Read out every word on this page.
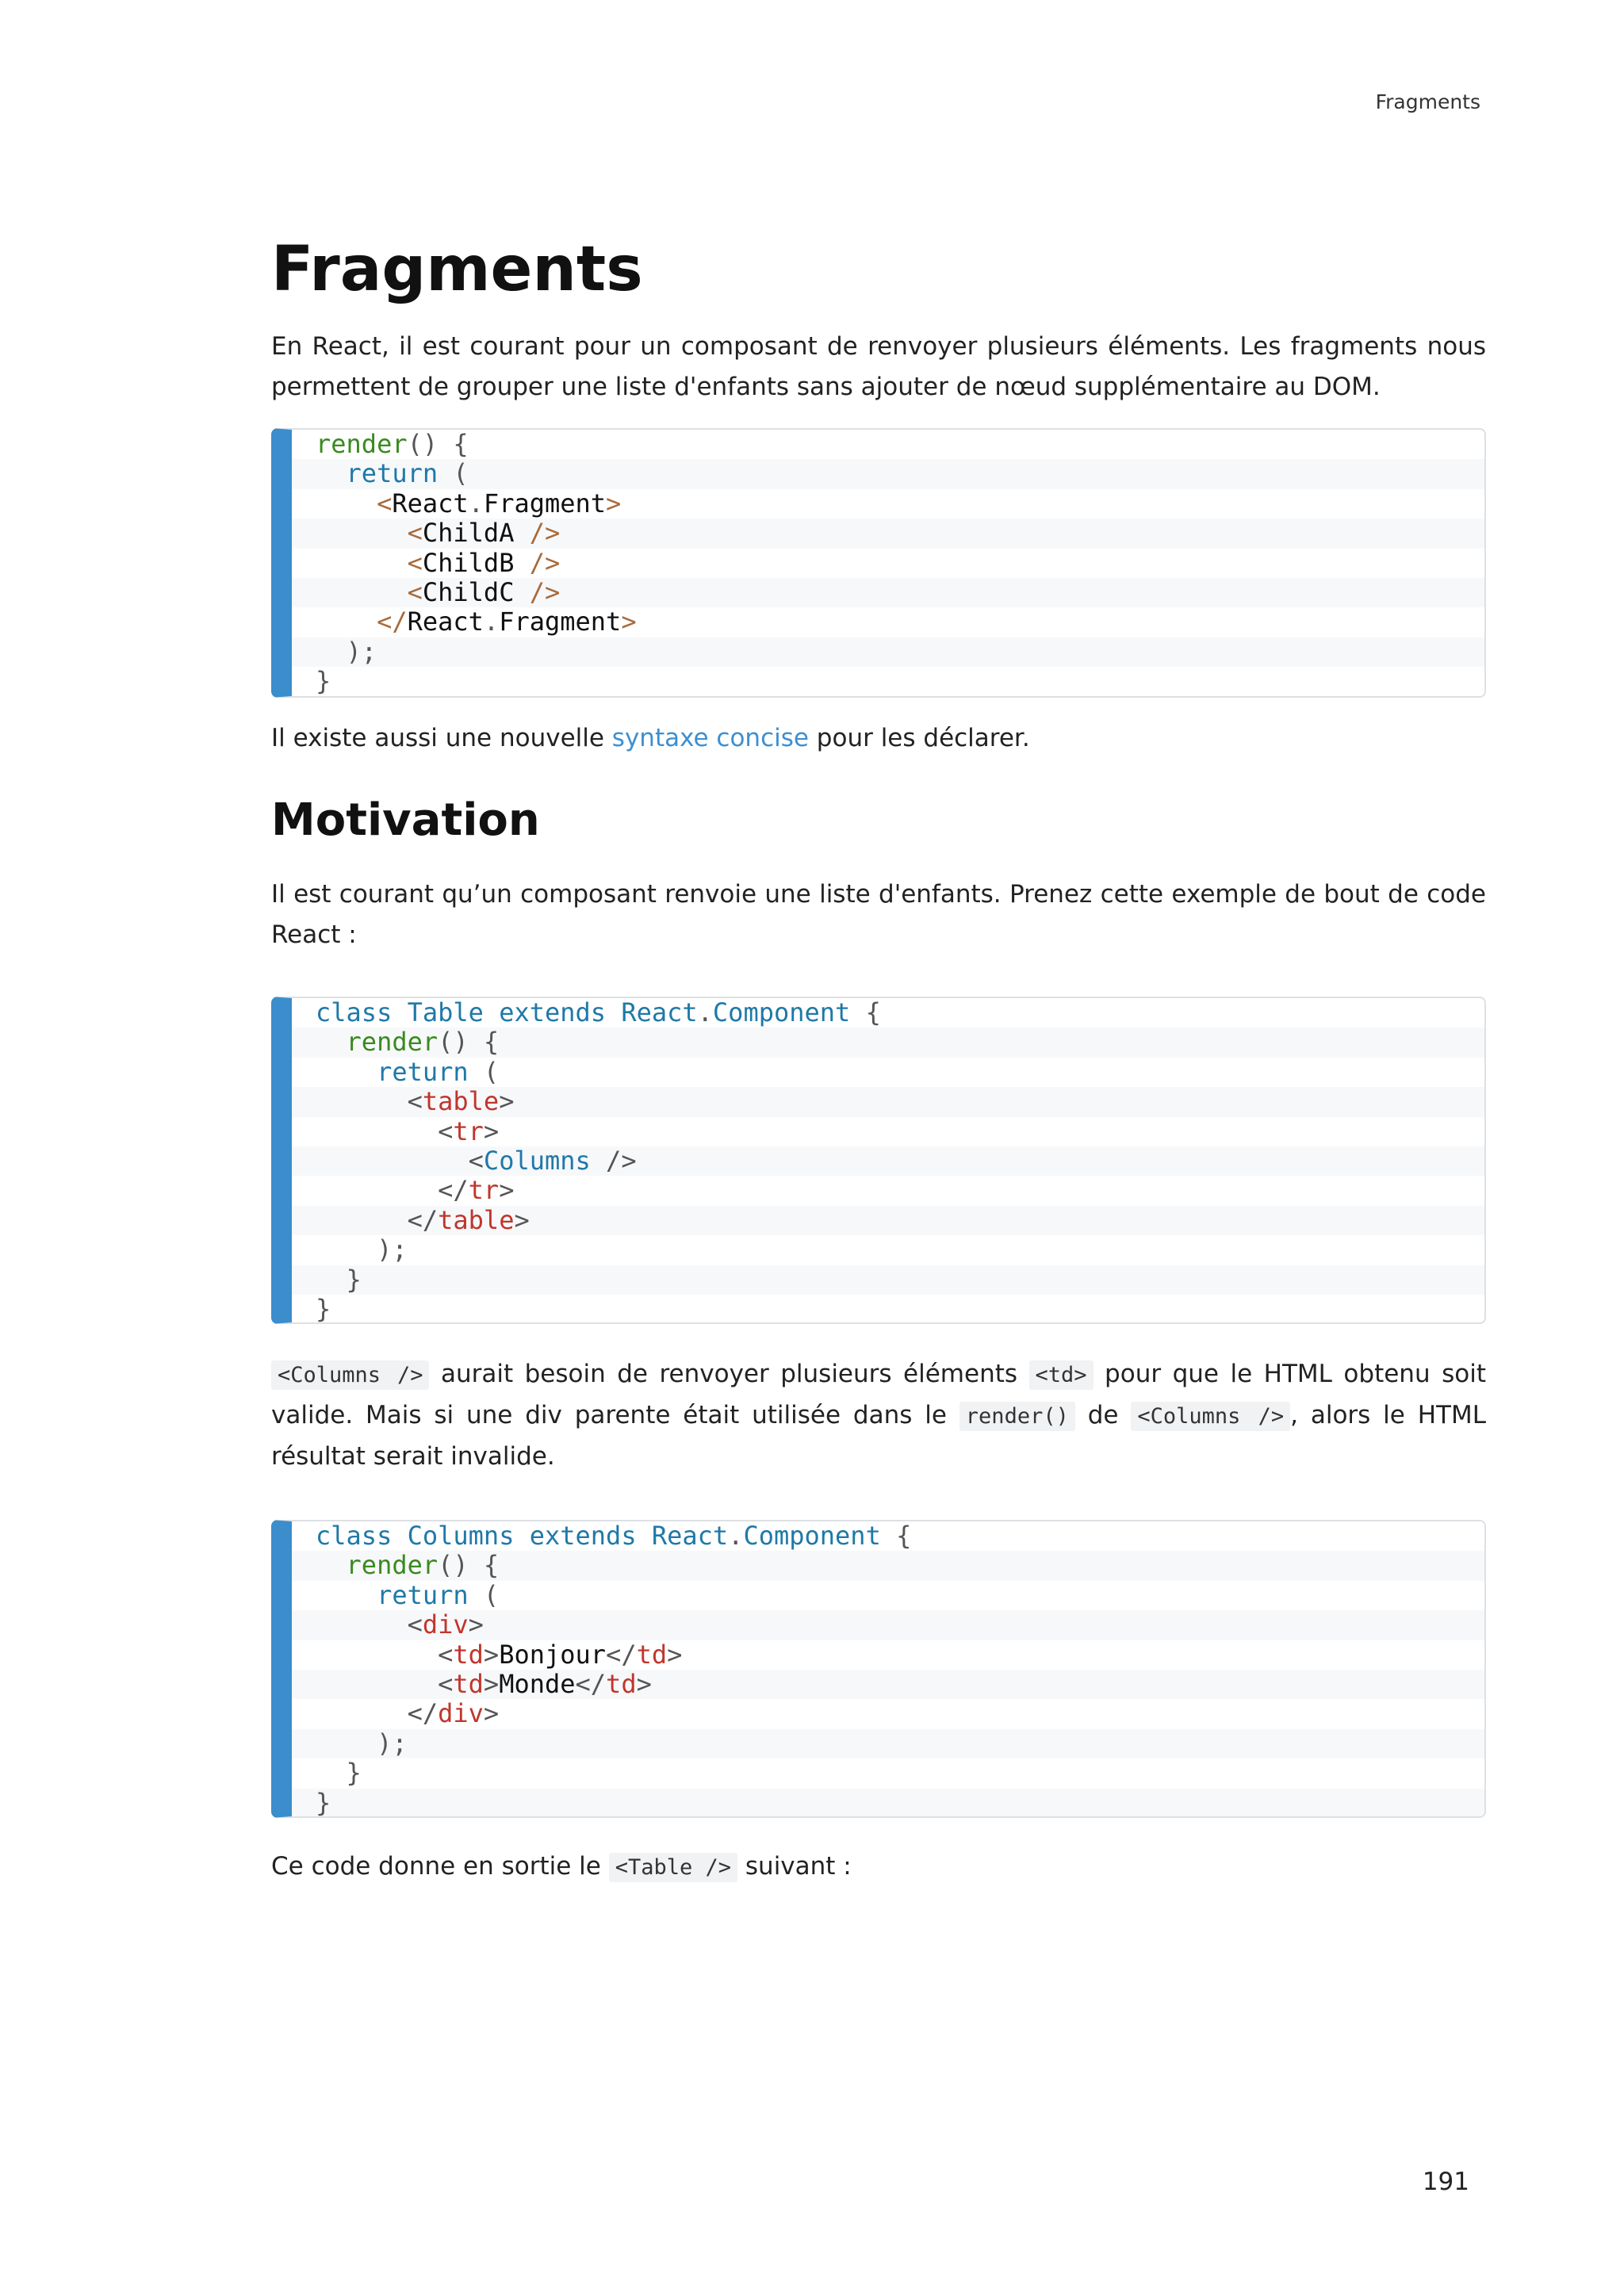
Fragments
Fragments

En React, il est courant pour un composant de renvoyer plusieurs éléments. Les fragments nous permettent de grouper une liste d'enfants sans ajouter de nœud supplémentaire au DOM.

render() {
return (
<React.Fragment>
<ChildA />
<ChildB />
<ChildC />
</React.Fragment>
);
}

Il existe aussi une nouvelle syntaxe concise pour les déclarer.

Motivation

Il est courant qu’un composant renvoie une liste d'enfants. Prenez cette exemple de bout de code React :

class Table extends React.Component {
render() {
return (
<table>
<tr>
<Columns />
</tr>
</table>
);
}
}

<Columns /> aurait besoin de renvoyer plusieurs éléments <td> pour que le HTML obtenu soit valide. Mais si une div parente était utilisée dans le render() de <Columns /> , alors le HTML résultat serait invalide.

class Columns extends React.Component {
render() {
return (
<div>
<td>Bonjour</td>
<td>Monde</td>
</div>
);
}
}

Ce code donne en sortie le <Table /> suivant :

191
